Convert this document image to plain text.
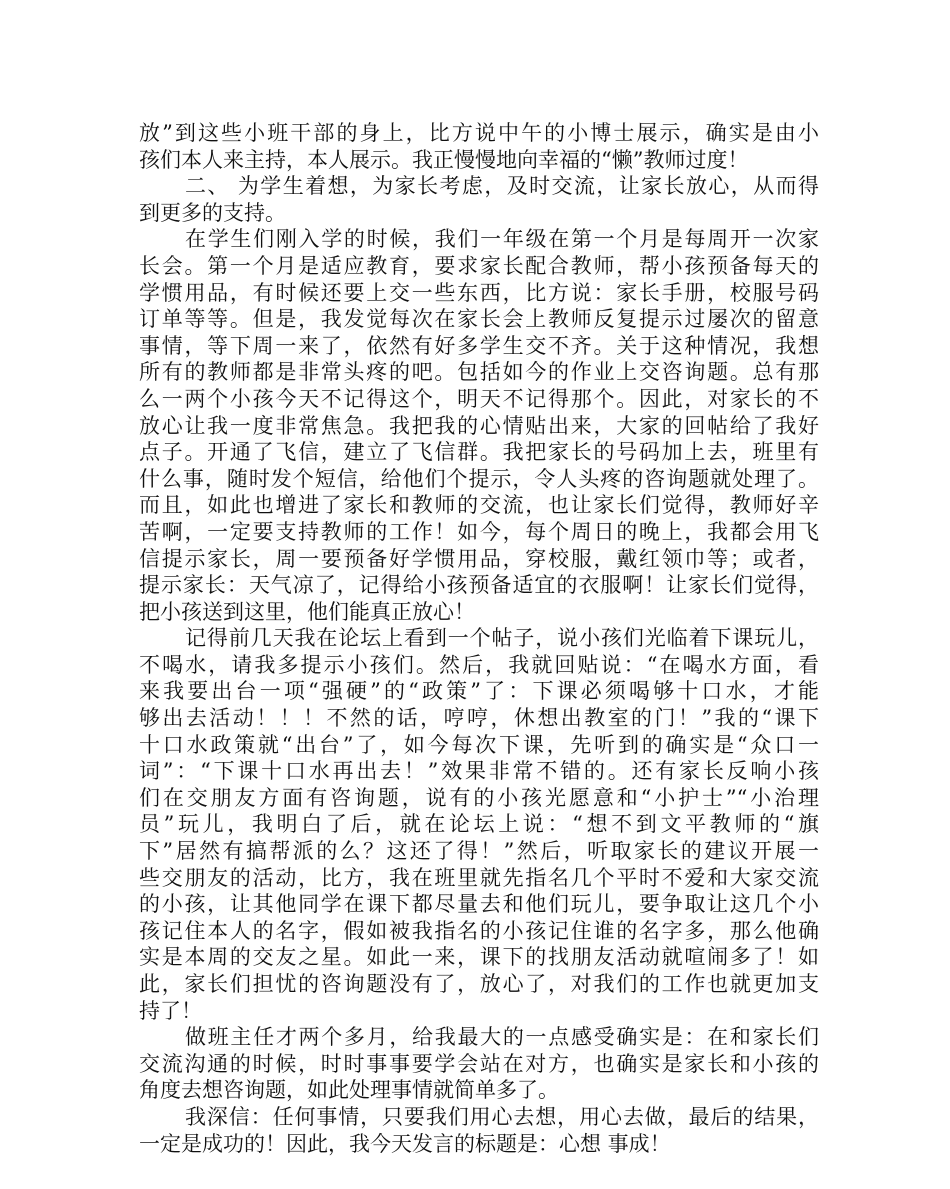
放”到这些小班干部的身上，比方说中午的小博士展示，确实是由小
孩们本人来主持，本人展示。我正慢慢地向幸福的“懒”教师过度！
二、 为学生着想，为家长考虑，及时交流，让家长放心，从而得
到更多的支持。
在学生们刚入学的时候，我们一年级在第一个月是每周开一次家
长会。第一个月是适应教育，要求家长配合教师，帮小孩预备每天的
学惯用品，有时候还要上交一些东西，比方说：家长手册，校服号码
订单等等。但是，我发觉每次在家长会上教师反复提示过屡次的留意
事情，等下周一来了，依然有好多学生交不齐。关于这种情况，我想
所有的教师都是非常头疼的吧。包括如今的作业上交咨询题。总有那
么一两个小孩今天不记得这个，明天不记得那个。因此，对家长的不
放心让我一度非常焦急。我把我的心情贴出来，大家的回帖给了我好
点子。开通了飞信，建立了飞信群。我把家长的号码加上去，班里有
什么事，随时发个短信，给他们个提示，令人头疼的咨询题就处理了。
而且，如此也增进了家长和教师的交流，也让家长们觉得，教师好辛
苦啊，一定要支持教师的工作！如今，每个周日的晚上，我都会用飞
信提示家长，周一要预备好学惯用品，穿校服，戴红领巾等；或者，
提示家长：天气凉了，记得给小孩预备适宜的衣服啊！让家长们觉得，
把小孩送到这里，他们能真正放心！
记得前几天我在论坛上看到一个帖子，说小孩们光临着下课玩儿，
不喝水，请我多提示小孩们。然后，我就回贴说：“在喝水方面，看
来我要出台一项“强硬”的“政策”了：下课必须喝够十口水，才能
够出去活动！！！不然的话，哼哼，休想出教室的门！”我的“课下
十口水政策就“出台”了，如今每次下课，先听到的确实是“众口一
词”：“下课十口水再出去！”效果非常不错的。还有家长反响小孩
们在交朋友方面有咨询题，说有的小孩光愿意和“小护士”“小治理
员”玩儿，我明白了后，就在论坛上说：“想不到文平教师的“旗
下”居然有搞帮派的么？这还了得！”然后，听取家长的建议开展一
些交朋友的活动，比方，我在班里就先指名几个平时不爱和大家交流
的小孩，让其他同学在课下都尽量去和他们玩儿，要争取让这几个小
孩记住本人的名字，假如被我指名的小孩记住谁的名字多，那么他确
实是本周的交友之星。如此一来，课下的找朋友活动就喧闹多了！如
此，家长们担忧的咨询题没有了，放心了，对我们的工作也就更加支
持了！
做班主任才两个多月，给我最大的一点感受确实是：在和家长们
交流沟通的时候，时时事事要学会站在对方，也确实是家长和小孩的
角度去想咨询题，如此处理事情就简单多了。
我深信：任何事情，只要我们用心去想，用心去做，最后的结果，
一定是成功的！因此，我今天发言的标题是：心想 事成！
